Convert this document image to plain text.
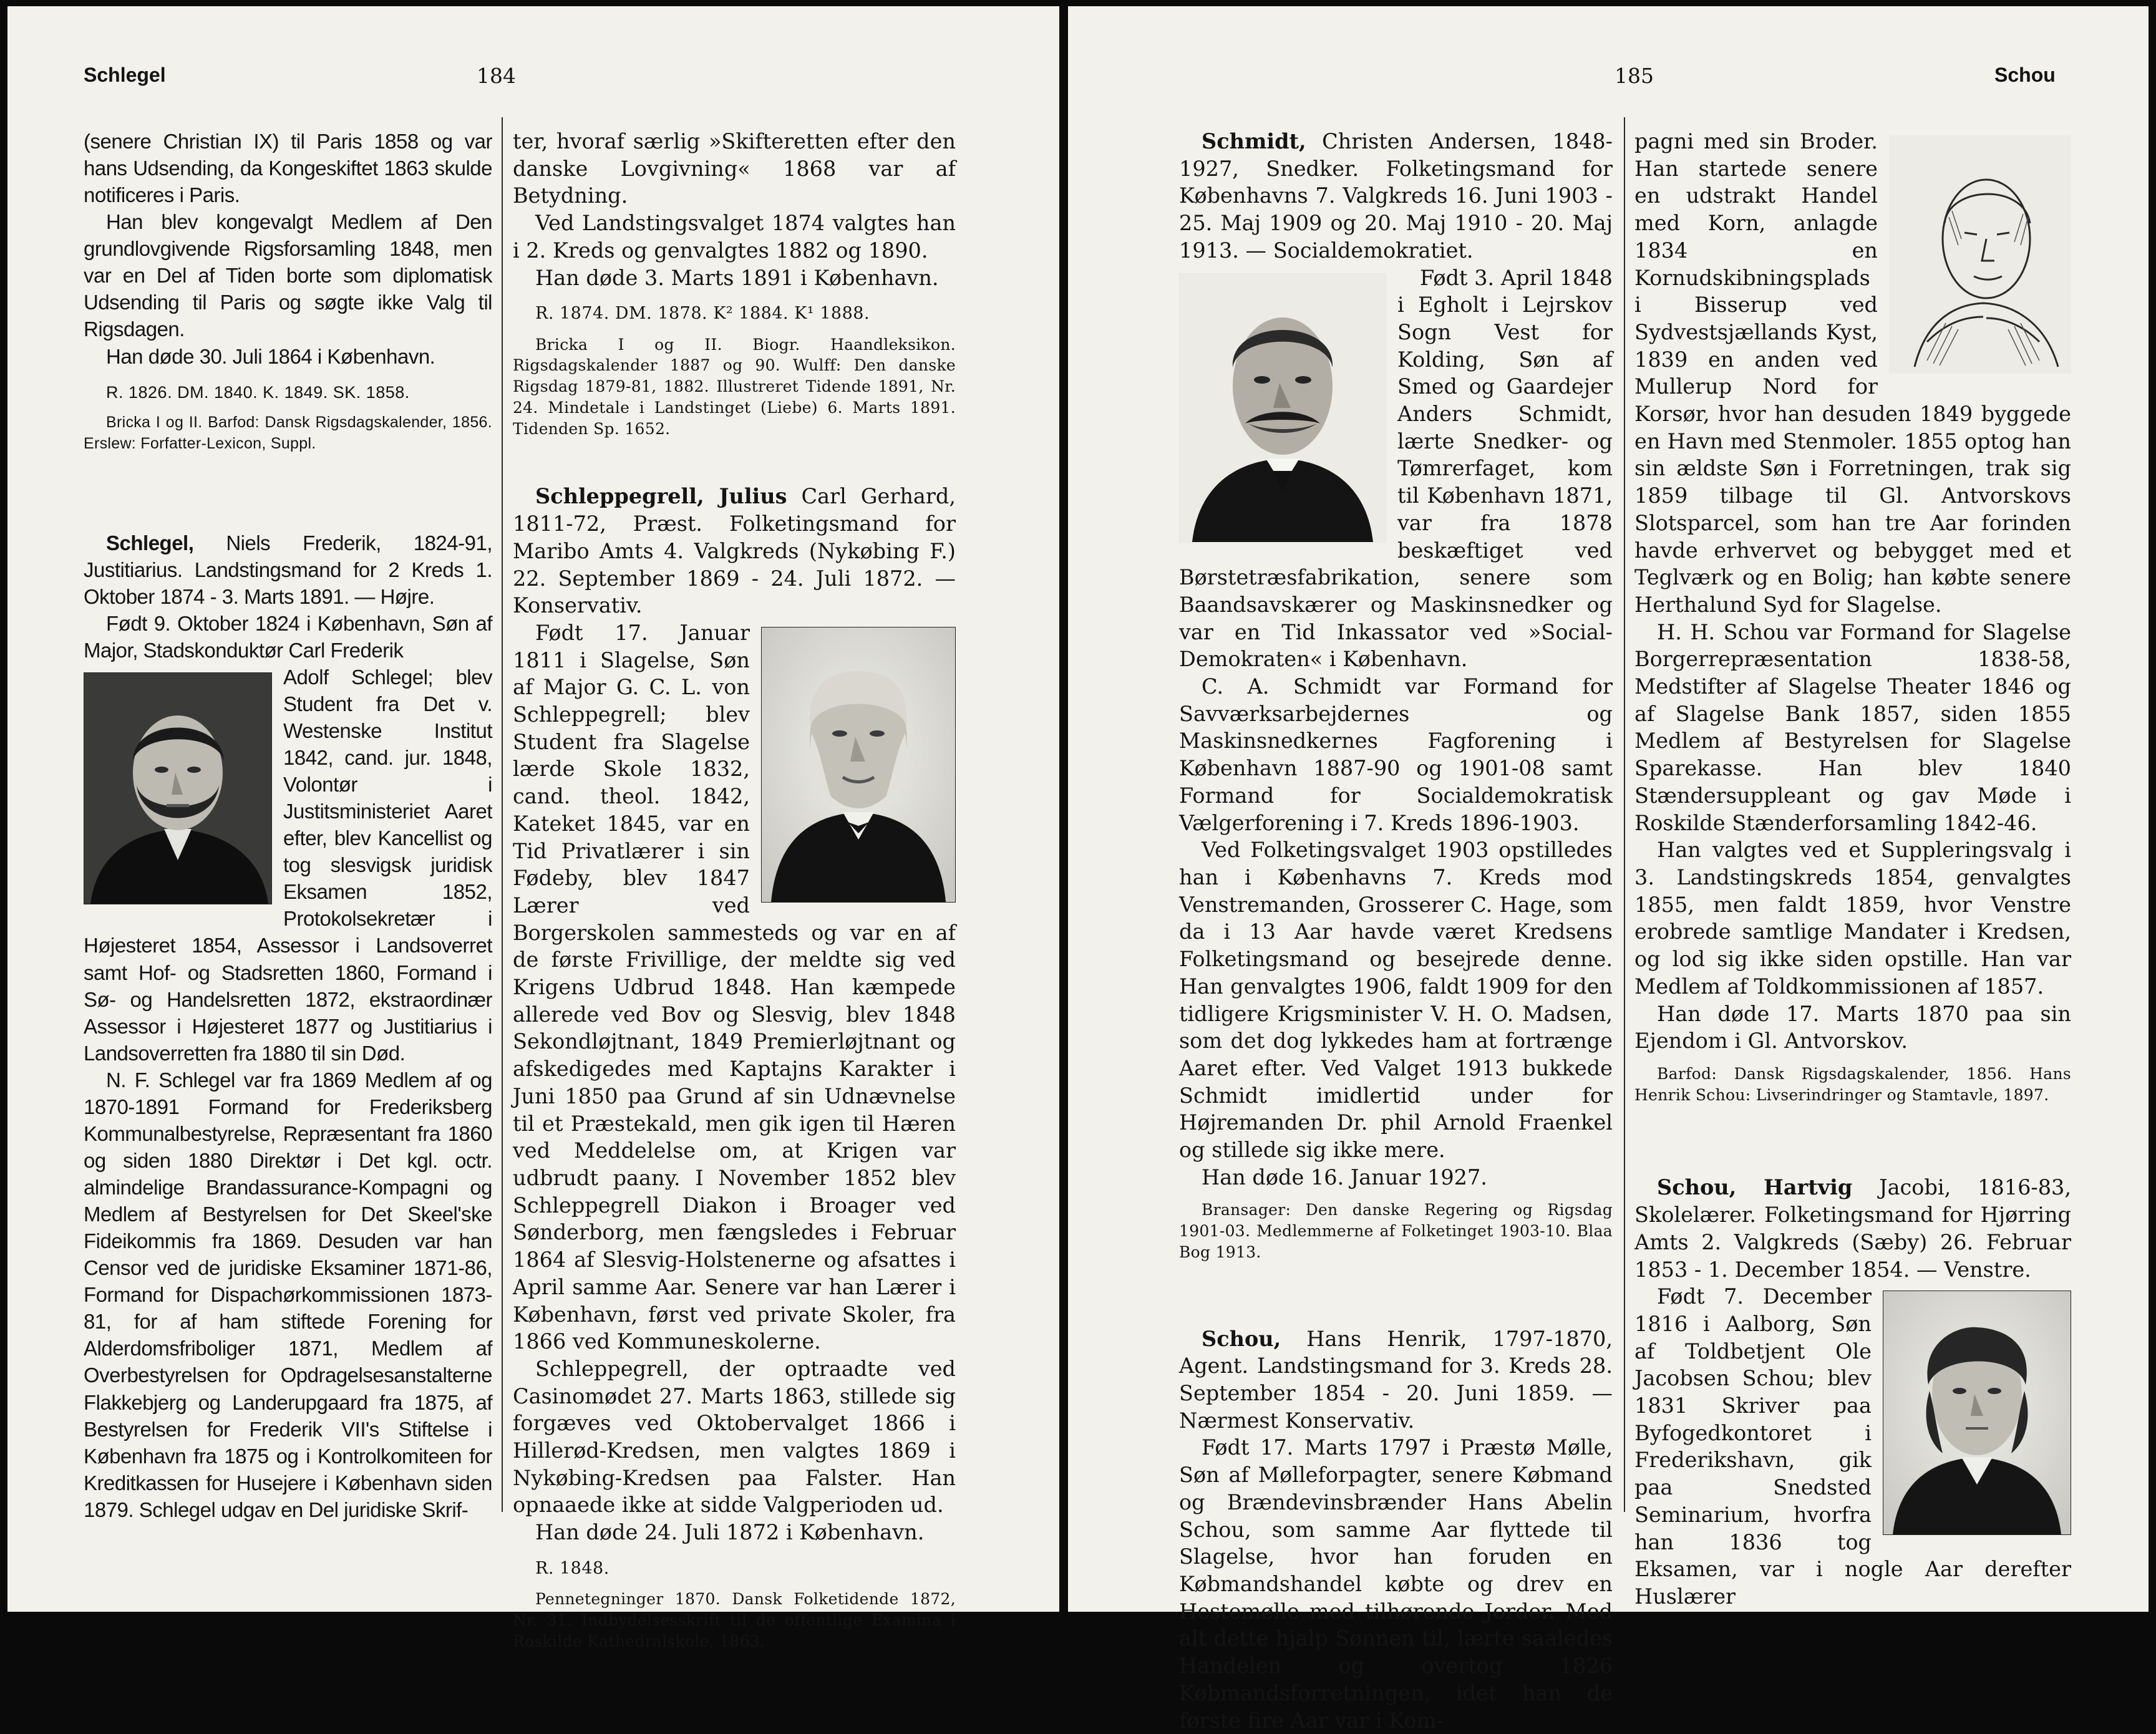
Schlegel	184

(senere Christian IX) til Paris 1858 og var hans Udsending, da Kongeskiftet 1863 skulde notificeres i Paris.

Han blev kongevalgt Medlem af Den grundlovgivende Rigsforsamling 1848, men var en Del af Tiden borte som diplomatisk Udsending til Paris og søgte ikke Valg til Rigsdagen.

Han døde 30. Juli 1864 i København.

R. 1826. DM. 1840. K. 1849. SK. 1858.

Bricka I og II. Barfod: Dansk Rigsdagskalender, 1856. Erslew: Forfatter-Lexicon, Suppl.

Schlegel, Niels Frederik, 1824-91, Justitiarius. Landstingsmand for 2 Kreds 1. Oktober 1874 - 3. Marts 1891. — Højre.

Født 9. Oktober 1824 i København, Søn af Major, Stadskonduktør Carl Frederik

Adolf Schlegel; blev Student fra Det v. Westenske Institut 1842, cand. jur. 1848, Volontør i Justitsministeriet Aaret efter, blev Kancellist og tog slesvigsk juridisk Eksamen 1852, Protokolsekretær i Højesteret 1854, Assessor i Landsoverret samt Hof- og Stadsretten 1860, Formand i Sø- og Handelsretten 1872, ekstraordinær Assessor i Højesteret 1877 og Justitiarius i Landsoverretten fra 1880 til sin Død.

N. F. Schlegel var fra 1869 Medlem af og 1870-1891 Formand for Frederiksberg Kommunalbestyrelse, Repræsentant fra 1860 og siden 1880 Direktør i Det kgl. octr. almindelige Brandassurance-Kompagni og Medlem af Bestyrelsen for Det Skeel'ske Fideikommis fra 1869. Desuden var han Censor ved de juridiske Eksaminer 1871-86, Formand for Dispachørkommissionen 1873-81, for af ham stiftede Forening for Alderdomsfriboliger 1871, Medlem af Overbestyrelsen for Opdragelsesanstalterne Flakkebjerg og Landerupgaard fra 1875, af Bestyrelsen for Frederik VII's Stiftelse i København fra 1875 og i Kontrolkomiteen for Kreditkassen for Husejere i København siden 1879. Schlegel udgav en Del juridiske Skrif-

ter, hvoraf særlig »Skifteretten efter den danske Lovgivning« 1868 var af Betydning.

Ved Landstingsvalget 1874 valgtes han i 2. Kreds og genvalgtes 1882 og 1890.

Han døde 3. Marts 1891 i København.

R. 1874. DM. 1878. K² 1884. K¹ 1888.

Bricka I og II. Biogr. Haandleksikon. Rigsdagskalender 1887 og 90. Wulff: Den danske Rigsdag 1879-81, 1882. Illustreret Tidende 1891, Nr. 24. Mindetale i Landstinget (Liebe) 6. Marts 1891. Tidenden Sp. 1652.

Schleppegrell, Julius Carl Gerhard, 1811-72, Præst. Folketingsmand for Maribo Amts 4. Valgkreds (Nykøbing F.) 22. September 1869 - 24. Juli 1872. — Konservativ.

Født 17. Januar 1811 i Slagelse, Søn af Major G. C. L. von Schleppegrell; blev Student fra Slagelse lærde Skole 1832, cand. theol. 1842, Kateket 1845, var en Tid Privatlærer i sin Fødeby, blev 1847 Lærer ved Borgerskolen sammesteds og var en af de første Frivillige, der meldte sig ved Krigens Udbrud 1848. Han kæmpede allerede ved Bov og Slesvig, blev 1848 Sekondløjtnant, 1849 Premierløjtnant og afskedigedes med Kaptajns Karakter i Juni 1850 paa Grund af sin Udnævnelse til et Præstekald, men gik igen til Hæren ved Meddelelse om, at Krigen var udbrudt paany. I November 1852 blev Schleppegrell Diakon i Broager ved Sønderborg, men fængsledes i Februar 1864 af Slesvig-Holstenerne og afsattes i April samme Aar. Senere var han Lærer i København, først ved private Skoler, fra 1866 ved Kommuneskolerne.

Schleppegrell, der optraadte ved Casinomødet 27. Marts 1863, stillede sig forgæves ved Oktobervalget 1866 i Hillerød-Kredsen, men valgtes 1869 i Nykøbing-Kredsen paa Falster. Han opnaaede ikke at sidde Valgperioden ud.

Han døde 24. Juli 1872 i København.

R. 1848.

Pennetegninger 1870. Dansk Folketidende 1872, Nr. 31. Indbydelsesskrift til de offentlige Examina i Roskilde Kathedralskole, 1863.

185	Schou

Schmidt, Christen Andersen, 1848-1927, Snedker. Folketingsmand for Københavns 7. Valgkreds 16. Juni 1903 - 25. Maj 1909 og 20. Maj 1910 - 20. Maj 1913. — Socialdemokratiet.

Født 3. April 1848 i Egholt i Lejrskov Sogn Vest for Kolding, Søn af Smed og Gaardejer Anders Schmidt, lærte Snedker- og Tømrerfaget, kom til København 1871, var fra 1878 beskæftiget ved Børstetræsfabrikation, senere som Baandsavskærer og Maskinsnedker og var en Tid Inkassator ved »Social-Demokraten« i København.

C. A. Schmidt var Formand for Savværksarbejdernes og Maskinsnedkernes Fagforening i København 1887-90 og 1901-08 samt Formand for Socialdemokratisk Vælgerforening i 7. Kreds 1896-1903.

Ved Folketingsvalget 1903 opstilledes han i Københavns 7. Kreds mod Venstremanden, Grosserer C. Hage, som da i 13 Aar havde været Kredsens Folketingsmand og besejrede denne. Han genvalgtes 1906, faldt 1909 for den tidligere Krigsminister V. H. O. Madsen, som det dog lykkedes ham at fortrænge Aaret efter. Ved Valget 1913 bukkede Schmidt imidlertid under for Højremanden Dr. phil Arnold Fraenkel og stillede sig ikke mere.

Han døde 16. Januar 1927.

Bransager: Den danske Regering og Rigsdag 1901-03. Medlemmerne af Folketinget 1903-10. Blaa Bog 1913.

Schou, Hans Henrik, 1797-1870, Agent. Landstingsmand for 3. Kreds 28. September 1854 - 20. Juni 1859. — Nærmest Konservativ.

Født 17. Marts 1797 i Præstø Mølle, Søn af Mølleforpagter, senere Købmand og Brændevinsbrænder Hans Abelin Schou, som samme Aar flyttede til Slagelse, hvor han foruden en Købmandshandel købte og drev en Hestemølle med tilhørende Jorder. Med alt dette hjalp Sønnen til, lærte saaledes Handelen og overtog 1826 Købmandsforretningen, idet han de første fire Aar var i Kom-

pagni med sin Broder. Han startede senere en udstrakt Handel med Korn, anlagde 1834 en Kornudskibningsplads i Bisserup ved Sydvestsjællands Kyst, 1839 en anden ved Mullerup Nord for Korsør, hvor han desuden 1849 byggede en Havn med Stenmoler. 1855 optog han sin ældste Søn i Forretningen, trak sig 1859 tilbage til Gl. Antvorskovs Slotsparcel, som han tre Aar forinden havde erhvervet og bebygget med et Teglværk og en Bolig; han købte senere Herthalund Syd for Slagelse.

H. H. Schou var Formand for Slagelse Borgerrepræsentation 1838-58, Medstifter af Slagelse Theater 1846 og af Slagelse Bank 1857, siden 1855 Medlem af Bestyrelsen for Slagelse Sparekasse. Han blev 1840 Stændersuppleant og gav Møde i Roskilde Stænderforsamling 1842-46.

Han valgtes ved et Suppleringsvalg i 3. Landstingskreds 1854, genvalgtes 1855, men faldt 1859, hvor Venstre erobrede samtlige Mandater i Kredsen, og lod sig ikke siden opstille. Han var Medlem af Toldkommissionen af 1857.

Han døde 17. Marts 1870 paa sin Ejendom i Gl. Antvorskov.

Barfod: Dansk Rigsdagskalender, 1856. Hans Henrik Schou: Livserindringer og Stamtavle, 1897.

Schou, Hartvig Jacobi, 1816-83, Skolelærer. Folketingsmand for Hjørring Amts 2. Valgkreds (Sæby) 26. Februar 1853 - 1. December 1854. — Venstre.

Født 7. December 1816 i Aalborg, Søn af Toldbetjent Ole Jacobsen Schou; blev 1831 Skriver paa Byfogedkontoret i Frederikshavn, gik paa Snedsted Seminarium, hvorfra han 1836 tog Eksamen, var i nogle Aar derefter Huslærer
